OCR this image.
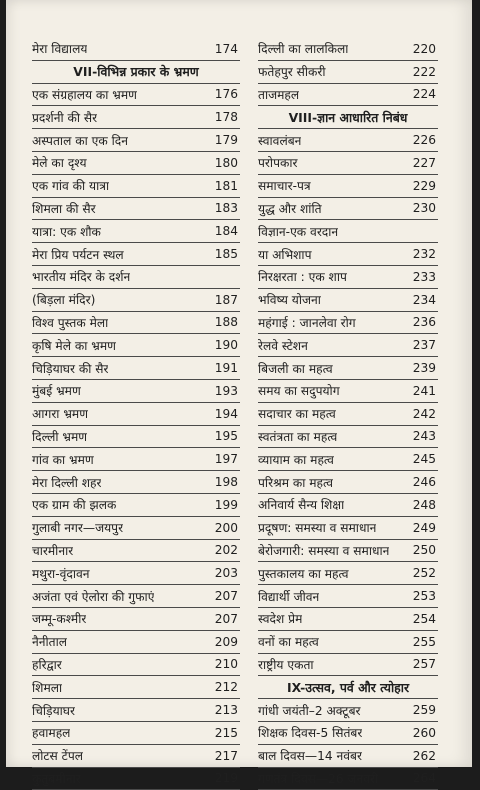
मेरा विद्यालय	174
VII-विभिन्न प्रकार के भ्रमण
एक संग्रहालय का भ्रमण	176
प्रदर्शनी की सैर	178
अस्पताल का एक दिन	179
मेले का दृश्य	180
एक गांव की यात्रा	181
शिमला की सैर	183
यात्रा: एक शौक	184
मेरा प्रिय पर्यटन स्थल	185
भारतीय मंदिर के दर्शन
(बिड़ला मंदिर)	187
विश्व पुस्तक मेला	188
कृषि मेले का भ्रमण	190
चिड़ियाघर की सैर	191
मुंबई भ्रमण	193
आगरा भ्रमण	194
दिल्ली भ्रमण	195
गांव का भ्रमण	197
मेरा दिल्ली शहर	198
एक ग्राम की झलक	199
गुलाबी नगर—जयपुर	200
चारमीनार	202
मथुरा-वृंदावन	203
अजंता एवं ऐलोरा की गुफाएं	207
जम्मू-कश्मीर	207
नैनीताल	209
हरिद्वार	210
शिमला	212
चिड़ियाघर	213
हवामहल	215
लोटस टेंपल	217
कुतुबमीनार	219
दिल्ली का लालकिला	220
फतेहपुर सीकरी	222
ताजमहल	224
VIII-ज्ञान आधारित निबंध
स्वावलंबन	226
परोपकार	227
समाचार-पत्र	229
युद्ध और शांति	230
विज्ञान-एक वरदान
या अभिशाप	232
निरक्षरता : एक शाप	233
भविष्य योजना	234
महंगाई : जानलेवा रोग	236
रेलवे स्टेशन	237
बिजली का महत्व	239
समय का सदुपयोग	241
सदाचार का महत्व	242
स्वतंत्रता का महत्व	243
व्यायाम का महत्व	245
परिश्रम का महत्व	246
अनिवार्य सैन्य शिक्षा	248
प्रदूषण: समस्या व समाधान	249
बेरोजगारी: समस्या व समाधान 250
पुस्तकालय का महत्व	252
विद्यार्थी जीवन	253
स्वदेश प्रेम	254
वनों का महत्व	255
राष्ट्रीय एकता	257
IX-उत्सव, पर्व और त्योहार
गांधी जयंती–2 अक्टूबर	259
शिक्षक दिवस-5 सितंबर	260
बाल दिवस—14 नवंबर	262
गणतंत्र दिवस—26 जनवरी	264
